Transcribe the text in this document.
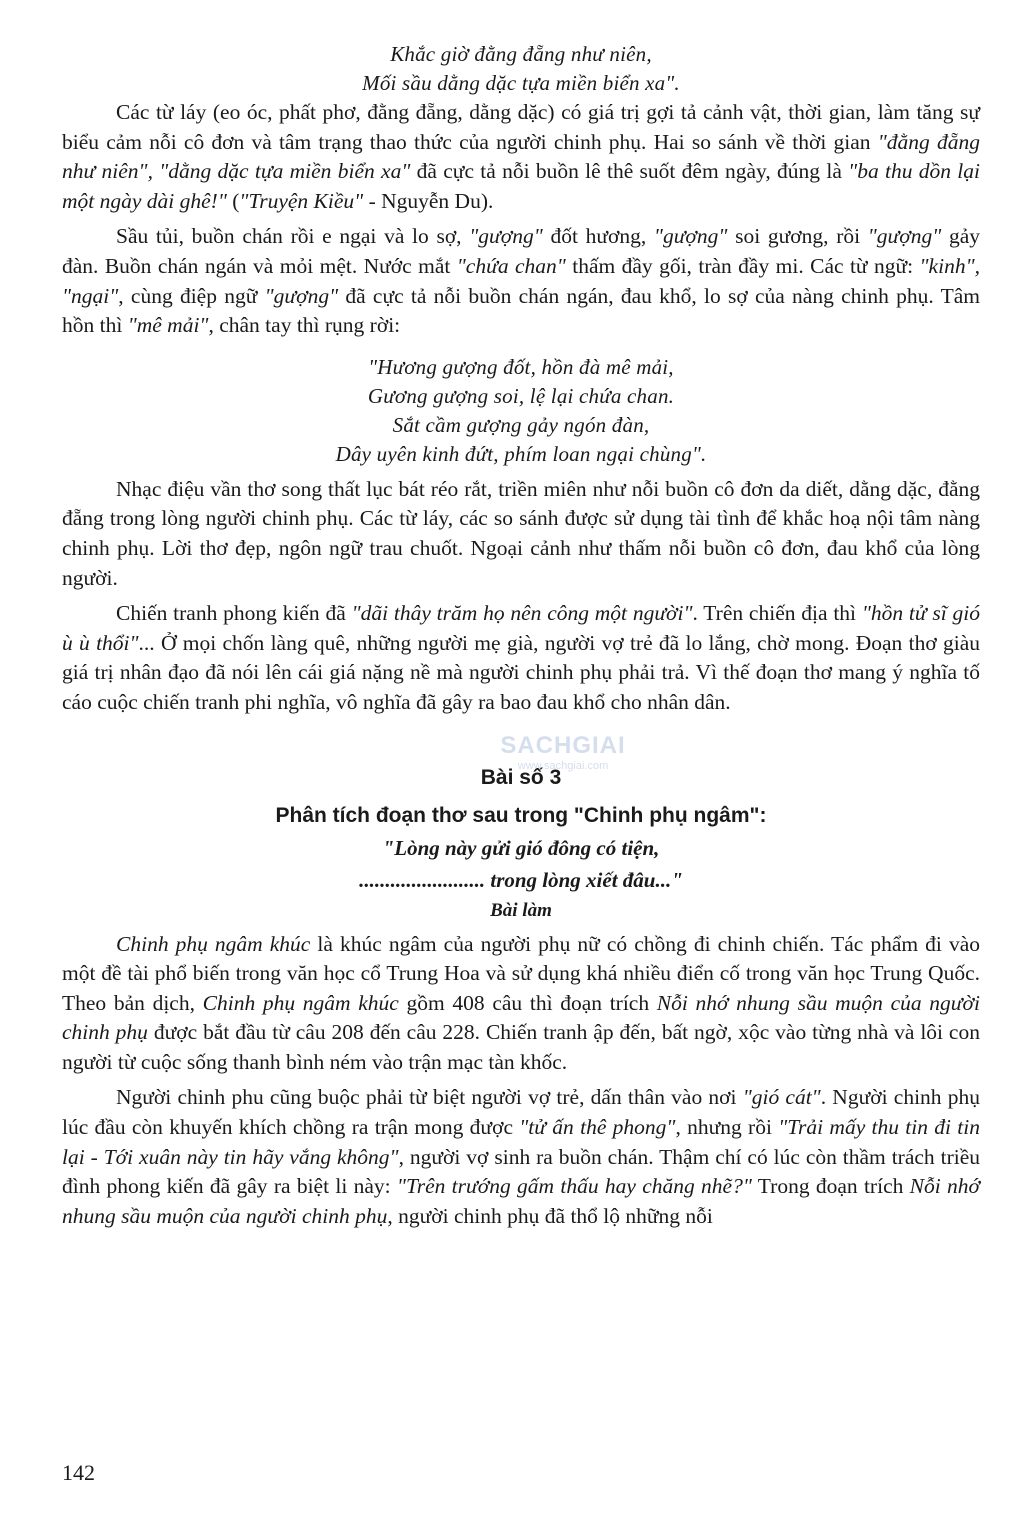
Khắc giờ đằng đẵng như niên,
Mối sầu dằng dặc tựa miền biển xa".

Các từ láy (eo óc, phất phơ, đằng đẵng, dằng dặc) có giá trị gợi tả cảnh vật, thời gian, làm tăng sự biểu cảm nỗi cô đơn và tâm trạng thao thức của người chinh phụ. Hai so sánh về thời gian "đằng đẵng như niên", "dằng dặc tựa miền biển xa" đã cực tả nỗi buồn lê thê suốt đêm ngày, đúng là "ba thu dồn lại một ngày dài ghê!" ("Truyện Kiều" - Nguyễn Du).

Sầu tủi, buồn chán rồi e ngại và lo sợ, "gượng" đốt hương, "gượng" soi gương, rồi "gượng" gảy đàn. Buồn chán ngán và mỏi mệt. Nước mắt "chứa chan" thấm đầy gối, tràn đầy mi. Các từ ngữ: "kinh", "ngại", cùng điệp ngữ "gượng" đã cực tả nỗi buồn chán ngán, đau khổ, lo sợ của nàng chinh phụ. Tâm hồn thì "mê mải", chân tay thì rụng rời:

"Hương gượng đốt, hồn đà mê mải,
Gương gượng soi, lệ lại chứa chan.
Sắt cầm gượng gảy ngón đàn,
Dây uyên kinh đứt, phím loan ngại chùng".

Nhạc điệu vần thơ song thất lục bát réo rắt, triền miên như nỗi buồn cô đơn da diết, dằng dặc, đằng đẵng trong lòng người chinh phụ. Các từ láy, các so sánh được sử dụng tài tình để khắc hoạ nội tâm nàng chinh phụ. Lời thơ đẹp, ngôn ngữ trau chuốt. Ngoại cảnh như thấm nỗi buồn cô đơn, đau khổ của lòng người.

Chiến tranh phong kiến đã "dãi thây trăm họ nên công một người". Trên chiến địa thì "hồn tử sĩ gió ù ù thổi"... Ở mọi chốn làng quê, những người mẹ già, người vợ trẻ đã lo lắng, chờ mong. Đoạn thơ giàu giá trị nhân đạo đã nói lên cái giá nặng nề mà người chinh phụ phải trả. Vì thế đoạn thơ mang ý nghĩa tố cáo cuộc chiến tranh phi nghĩa, vô nghĩa đã gây ra bao đau khổ cho nhân dân.

Bài số 3
Phân tích đoạn thơ sau trong "Chinh phụ ngâm":
"Lòng này gửi gió đông có tiện,
........................ trong lòng xiết đâu..."
Bài làm

Chinh phụ ngâm khúc là khúc ngâm của người phụ nữ có chồng đi chinh chiến. Tác phẩm đi vào một đề tài phổ biến trong văn học cổ Trung Hoa và sử dụng khá nhiều điển cố trong văn học Trung Quốc. Theo bản dịch, Chinh phụ ngâm khúc gồm 408 câu thì đoạn trích Nỗi nhớ nhung sầu muộn của người chinh phụ được bắt đầu từ câu 208 đến câu 228. Chiến tranh ập đến, bất ngờ, xộc vào từng nhà và lôi con người từ cuộc sống thanh bình ném vào trận mạc tàn khốc.

Người chinh phu cũng buộc phải từ biệt người vợ trẻ, dấn thân vào nơi "gió cát". Người chinh phụ lúc đầu còn khuyến khích chồng ra trận mong được "tử ấn thê phong", nhưng rồi "Trải mấy thu tin đi tin lại - Tới xuân này tin hãy vắng không", người vợ sinh ra buồn chán. Thậm chí có lúc còn thầm trách triều đình phong kiến đã gây ra biệt li này: "Trên trướng gấm thấu hay chăng nhẽ?" Trong đoạn trích Nỗi nhớ nhung sầu muộn của người chinh phụ, người chinh phụ đã thổ lộ những nỗi

SACHGIAI
www.sachgiai.com
142
